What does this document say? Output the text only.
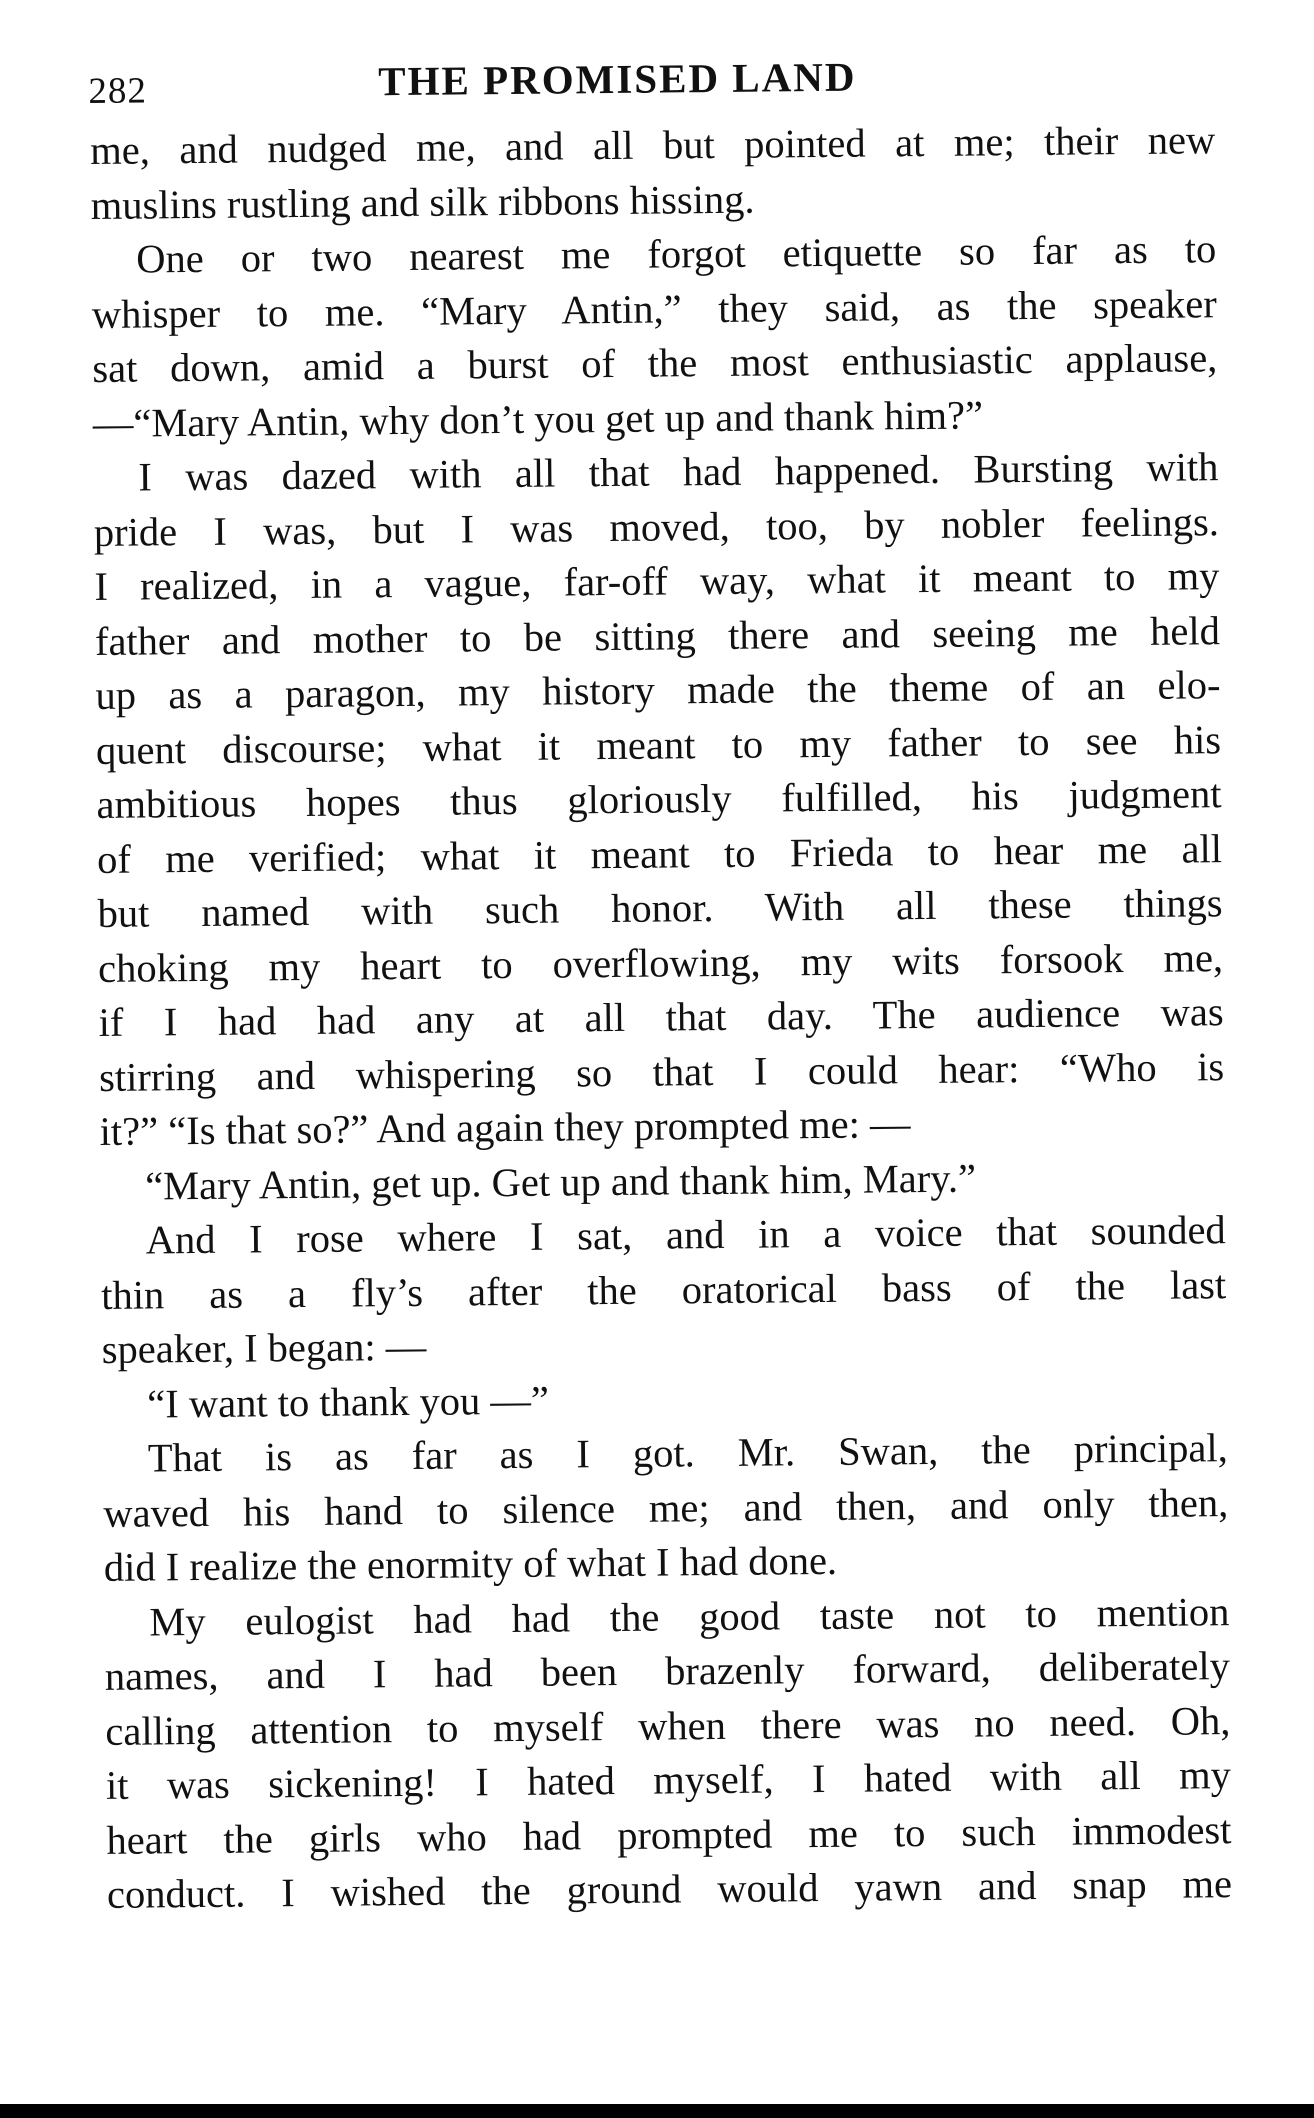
282	THE PROMISED LAND
me, and nudged me, and all but pointed at me; their new
muslins rustling and silk ribbons hissing.
One or two nearest me forgot etiquette so far as to
whisper to me. “Mary Antin,” they said, as the speaker
sat down, amid a burst of the most enthusiastic applause,
—“Mary Antin, why don’t you get up and thank him?”
I was dazed with all that had happened. Bursting with
pride I was, but I was moved, too, by nobler feelings.
I realized, in a vague, far-off way, what it meant to my
father and mother to be sitting there and seeing me held
up as a paragon, my history made the theme of an elo-
quent discourse; what it meant to my father to see his
ambitious hopes thus gloriously fulfilled, his judgment
of me verified; what it meant to Frieda to hear me all
but named with such honor. With all these things
choking my heart to overflowing, my wits forsook me,
if I had had any at all that day. The audience was
stirring and whispering so that I could hear: “Who is
it?” “Is that so?” And again they prompted me: —
“Mary Antin, get up. Get up and thank him, Mary.”
And I rose where I sat, and in a voice that sounded
thin as a fly’s after the oratorical bass of the last
speaker, I began: —
“I want to thank you —”
That is as far as I got. Mr. Swan, the principal,
waved his hand to silence me; and then, and only then,
did I realize the enormity of what I had done.
My eulogist had had the good taste not to mention
names, and I had been brazenly forward, deliberately
calling attention to myself when there was no need. Oh,
it was sickening! I hated myself, I hated with all my
heart the girls who had prompted me to such immodest
conduct. I wished the ground would yawn and snap me
